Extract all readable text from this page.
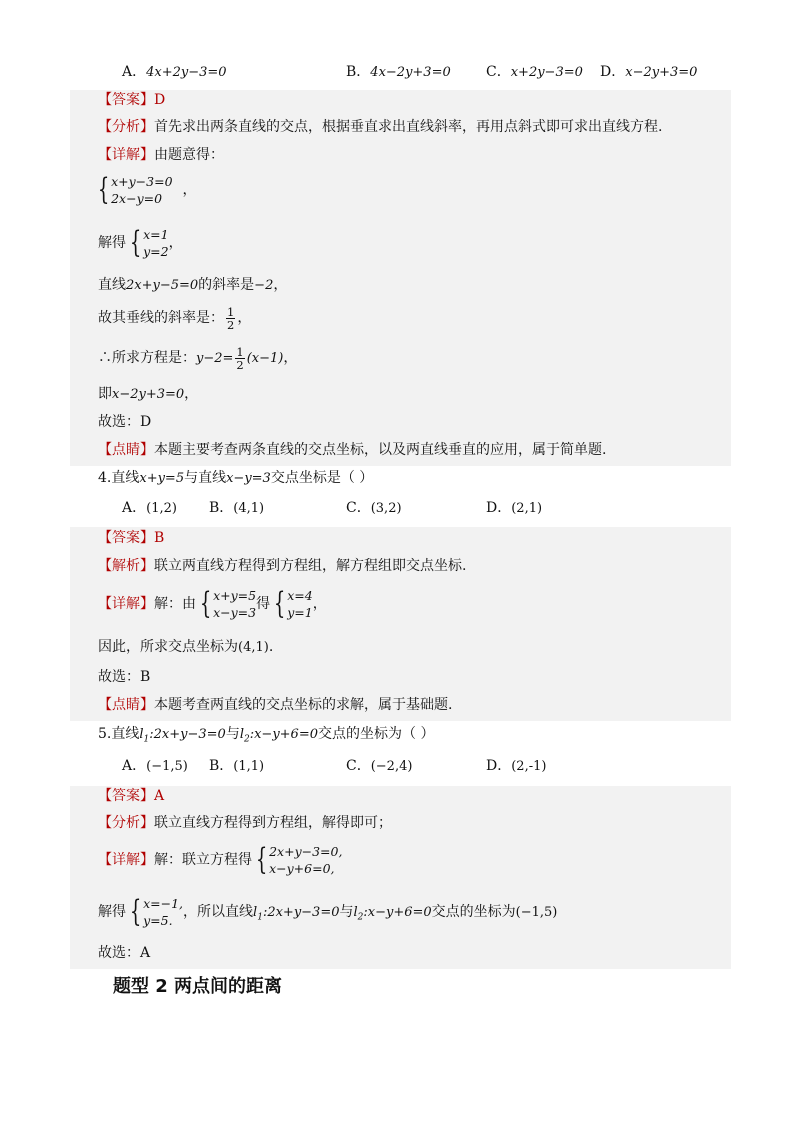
A．4x+2y−3=0	B．4x−2y+3=0	C．x+2y−3=0 D．x−2y+3=0
【答案】D
【分析】首先求出两条直线的交点，根据垂直求出直线斜率，再用点斜式即可求出直线方程.
【详解】由题意得：
{ x+y−3=0
2x−y=0
，
解得 { x=1
y=2
，
直线2x+y−5=0的斜率是−2，
故其垂线的斜率是： $\frac{1}{2}$ ，
∴所求方程是：$y-2= \frac{1}{2} (x-1)$，
即x−2y+3=0，
故选：D
【点睛】本题主要考查两条直线的交点坐标，以及两直线垂直的应用，属于简单题.
4.直线x+y=5与直线x−y=3交点坐标是（ ）
A．(1,2) B．(4,1)	C．(3,2)	D．(2,1)
【答案】B
【解析】联立两直线方程得到方程组，解方程组即交点坐标.
【详解】解：由 { x+y=5
x−y=3
得 { x=4
y=1
，
因此，所求交点坐标为(4,1).
故选：B
【点睛】本题考查两直线的交点坐标的求解，属于基础题.
5.直线$l_1:2x+y-3=0$与$l_2:x-y+6=0$交点的坐标为（ ）
A．(−1,5) B．(1,1)	C．(−2,4)	D．(2,-1)
【答案】A
【分析】联立直线方程得到方程组，解得即可；
【详解】解：联立方程得 { 2x+y−3=0,
x−y+6=0,
解得 { x=−1,
y=5.
，所以直线$l_1:2x+y-3=0$与$l_2:x-y+6=0$交点的坐标为(−1,5)
故选：A
题型 2 两点间的距离
